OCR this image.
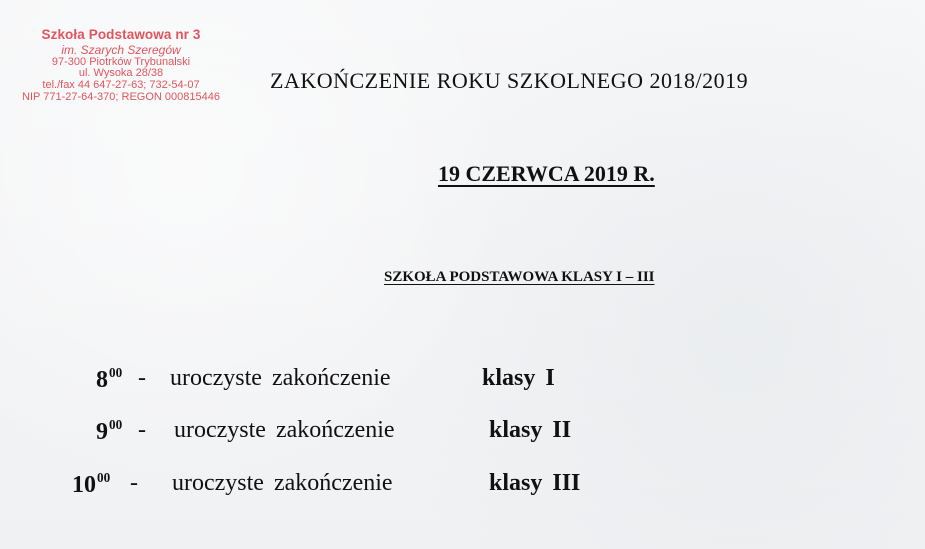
Szkoła Podstawowa nr 3
im. Szarych Szeregów
97-300 Piotrków Trybunalski
ul. Wysoka 28/38
tel./fax 44 647-27-63; 732-54-07
NIP 771-27-64-370; REGON 000815446
ZAKOŃCZENIE ROKU SZKOLNEGO 2018/2019
19 CZERWCA 2019 R.
SZKOŁA PODSTAWOWA KLASY I – III
$8^{00}$ - uroczyste zakończenie	klasy I
$9^{00}$ - uroczyste zakończenie	klasy II
$10^{00}$ - uroczyste zakończenie	klasy III
